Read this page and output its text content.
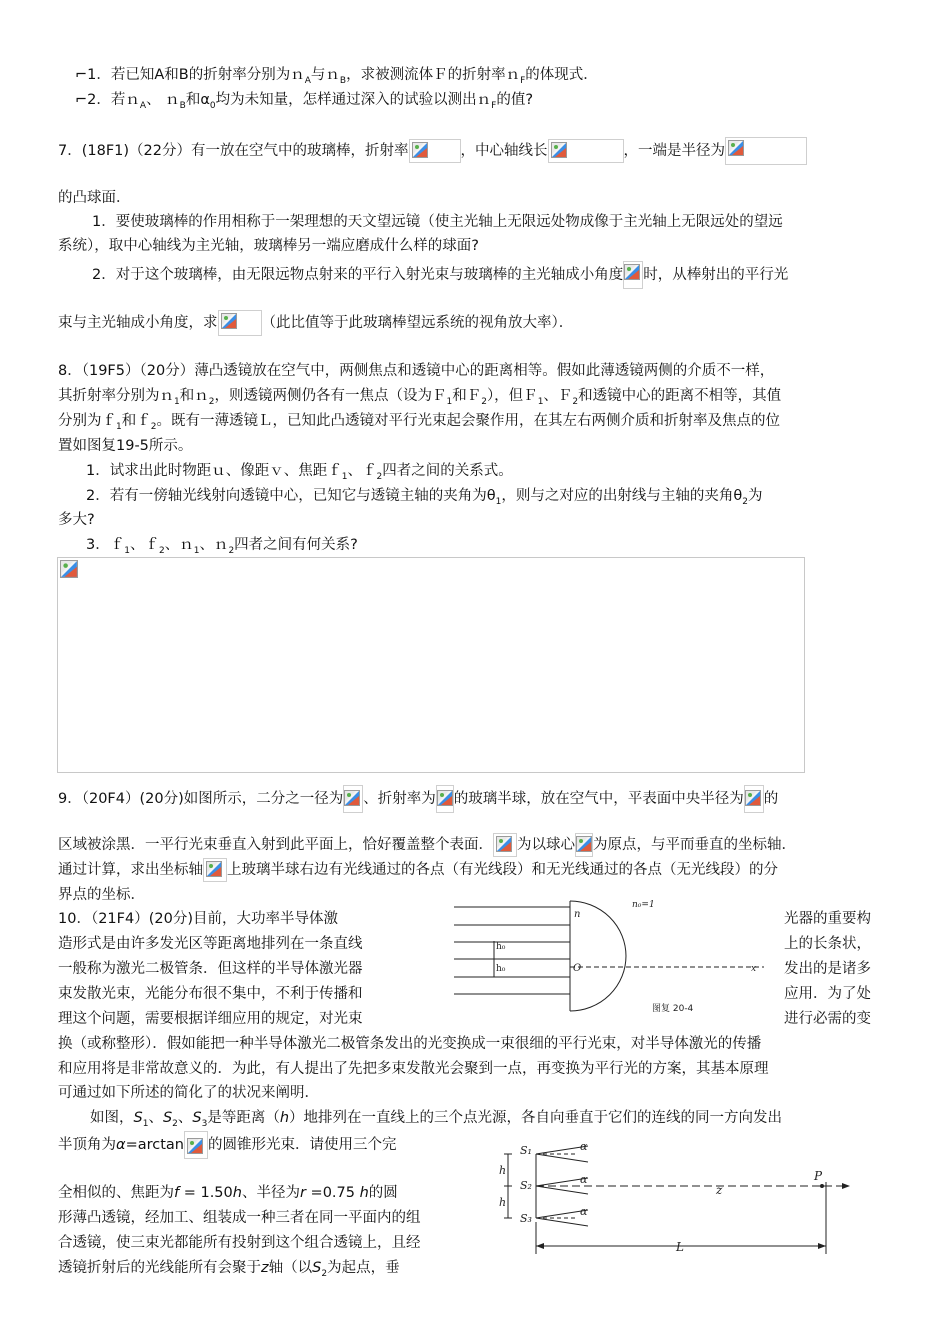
⌐1．若已知A和B的折射率分别为ｎ$_A$与ｎ$_B$，求被测流体Ｆ的折射率ｎ$_F$的体现式．
⌐2．若ｎ$_A$、 ｎ$_B$和$\alpha_0$均为未知量，怎样通过深入的试验以测出ｎ$_F$的值?
7．(18F1)（22分）有一放在空气中的玻璃棒，折射率	，中心轴线长	，一端是半径为
的凸球面．
1．要使玻璃棒的作用相称于一架理想的天文望远镜（使主光轴上无限远处物成像于主光轴上无限远处的望远
系统），取中心轴线为主光轴，玻璃棒另一端应磨成什么样的球面?
2．对于这个玻璃棒，由无限远物点射来的平行入射光束与玻璃棒的主光轴成小角度 时，从棒射出的平行光
束与主光轴成小角度，求	（此比值等于此玻璃棒望远系统的视角放大率）．
8．（19F5）（20分）薄凸透镜放在空气中，两侧焦点和透镜中心的距离相等。假如此薄透镜两侧的介质不一样，
其折射率分别为ｎ$_1$和ｎ$_2$，则透镜两侧仍各有一焦点（设为Ｆ$_1$和Ｆ$_2$），但Ｆ$_1$、Ｆ$_2$和透镜中心的距离不相等，其值
分别为ｆ$_1$和ｆ$_2$。既有一薄透镜Ｌ，已知此凸透镜对平行光束起会聚作用，在其左右两侧介质和折射率及焦点的位
置如图复19-5所示。
1．试求出此时物距ｕ、像距ｖ、焦距ｆ$_1$、ｆ$_2$四者之间的关系式。
2．若有一傍轴光线射向透镜中心，已知它与透镜主轴的夹角为$\theta_1$，则与之对应的出射线与主轴的夹角$\theta_2$为
多大?
3．ｆ$_1$、ｆ$_2$、ｎ$_1$、ｎ$_2$四者之间有何关系?
9．（20F4）(20分)如图所示，二分之一径为 、折射率为 的玻璃半球，放在空气中，平表面中央半径为 的
区域被涂黑．一平行光束垂直入射到此平面上，恰好覆盖整个表面． 为以球心 为原点，与平而垂直的坐标轴．
通过计算，求出坐标轴 上玻璃半球右边有光线通过的各点（有光线段）和无光线通过的各点（无光线段）的分
界点的坐标．
10．（21F4）(20分)目前，大功率半导体激	光器的重要构
造形式是由许多发光区等距离地排列在一条直线	上的长条状，
一般称为激光二极管条．但这样的半导体激光器	发出的是诸多
束发散光束，光能分布很不集中，不利于传播和	应用．为了处
理这个问题，需要根据详细应用的规定，对光束	进行必需的变
n₀=1
n
h₀
h₀	O	x
图复 20-4
换（或称整形）．假如能把一种半导体激光二极管条发出的光变换成一束很细的平行光束，对半导体激光的传播
和应用将是非常故意义的．为此，有人提出了先把多束发散光会聚到一点，再变换为平行光的方案，其基本原理
可通过如下所述的简化了的状况来阐明．
如图，$S_1$、$S_2$、$S_3$是等距离（h）地排列在一直线上的三个点光源，各自向垂直于它们的连线的同一方向发出
半顶角为α=arctan 的圆锥形光束．请使用三个完
全相似的、焦距为f = 1.50h、半径为r =0.75 h的圆
形薄凸透镜，经加工、组装成一种三者在同一平面内的组
合透镜，使三束光都能所有投射到这个组合透镜上，且经
透镜折射后的光线能所有会聚于z轴（以$S_2$为起点，垂
S₁
S₂
S₃
α
α
α
h
h
z
P
L
